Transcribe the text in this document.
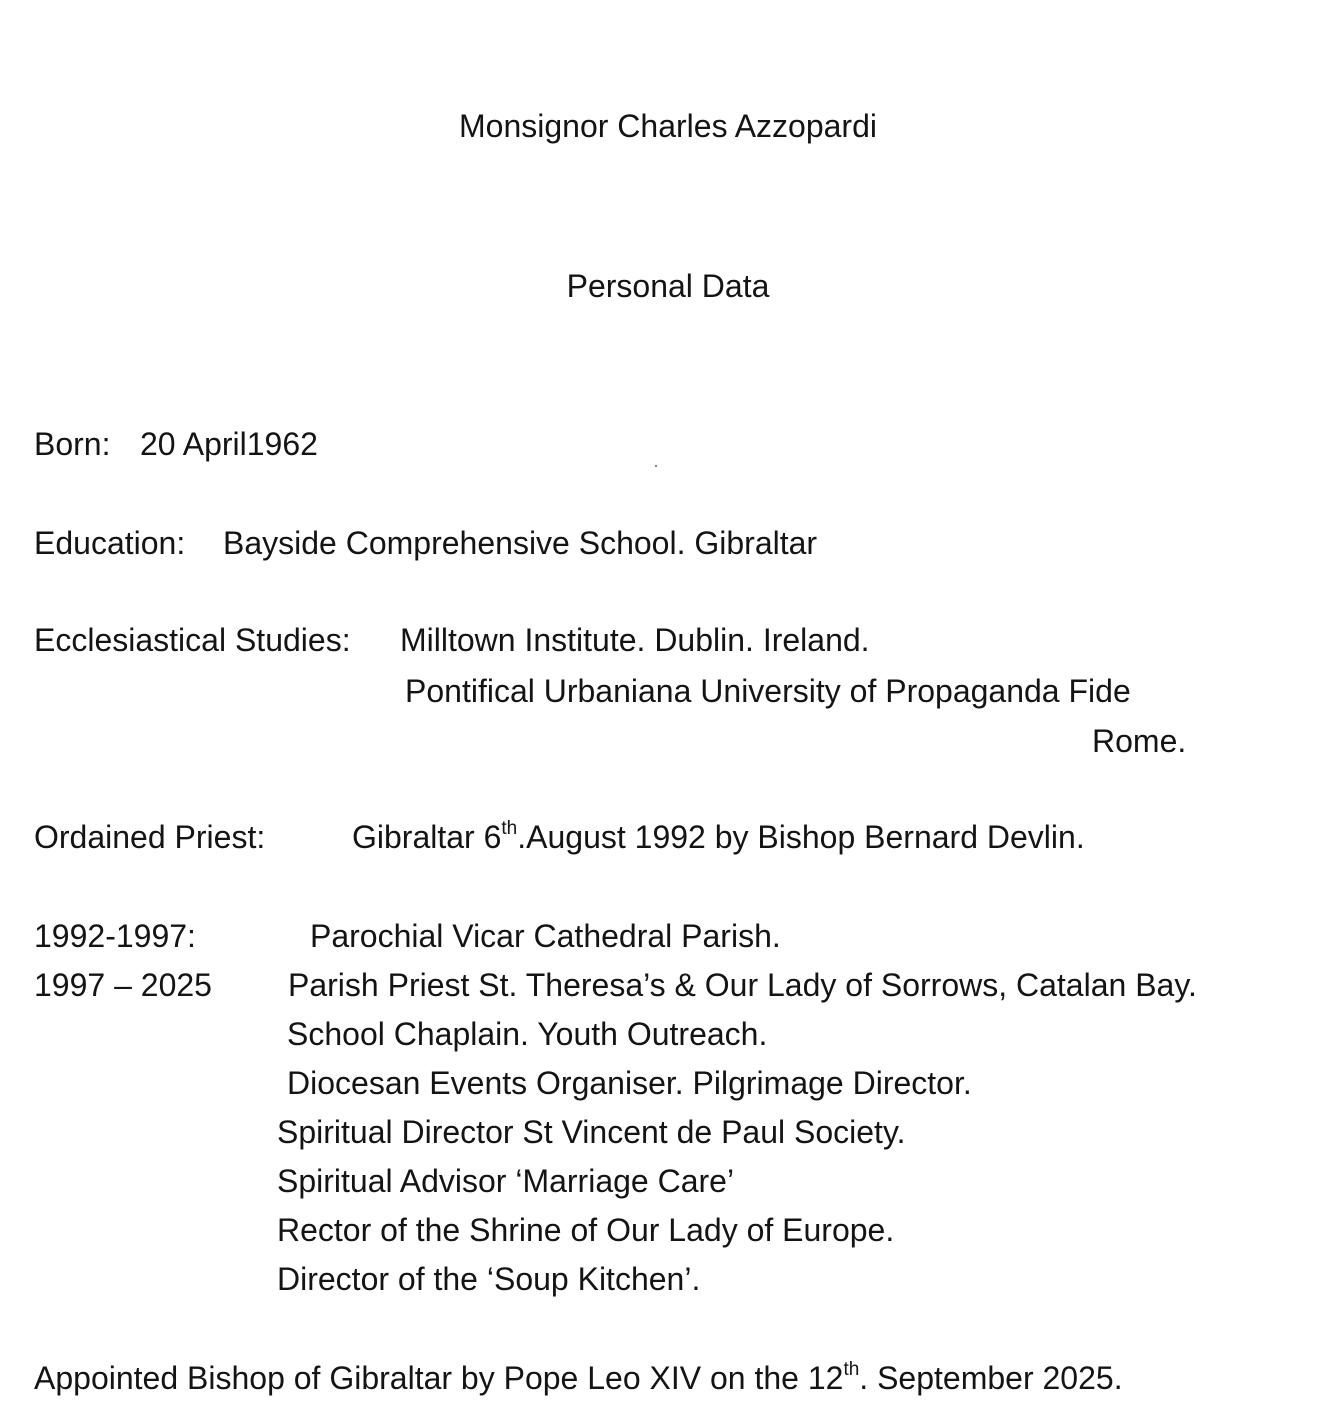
Monsignor Charles Azzopardi
Personal Data
Born: 20 April1962
Education: Bayside Comprehensive School. Gibraltar
Ecclesiastical Studies: Milltown Institute. Dublin. Ireland.
Pontifical Urbaniana University of Propaganda Fide
Rome.
Ordained Priest:	Gibraltar 6th.August 1992 by Bishop Bernard Devlin.
1992-1997:	Parochial Vicar Cathedral Parish.
1997 – 2025 Parish Priest St. Theresa’s & Our Lady of Sorrows, Catalan Bay.
School Chaplain. Youth Outreach.
Diocesan Events Organiser. Pilgrimage Director.
Spiritual Director St Vincent de Paul Society.
Spiritual Advisor ‘Marriage Care’
Rector of the Shrine of Our Lady of Europe.
Director of the ‘Soup Kitchen’.
Appointed Bishop of Gibraltar by Pope Leo XIV on the 12th. September 2025.
